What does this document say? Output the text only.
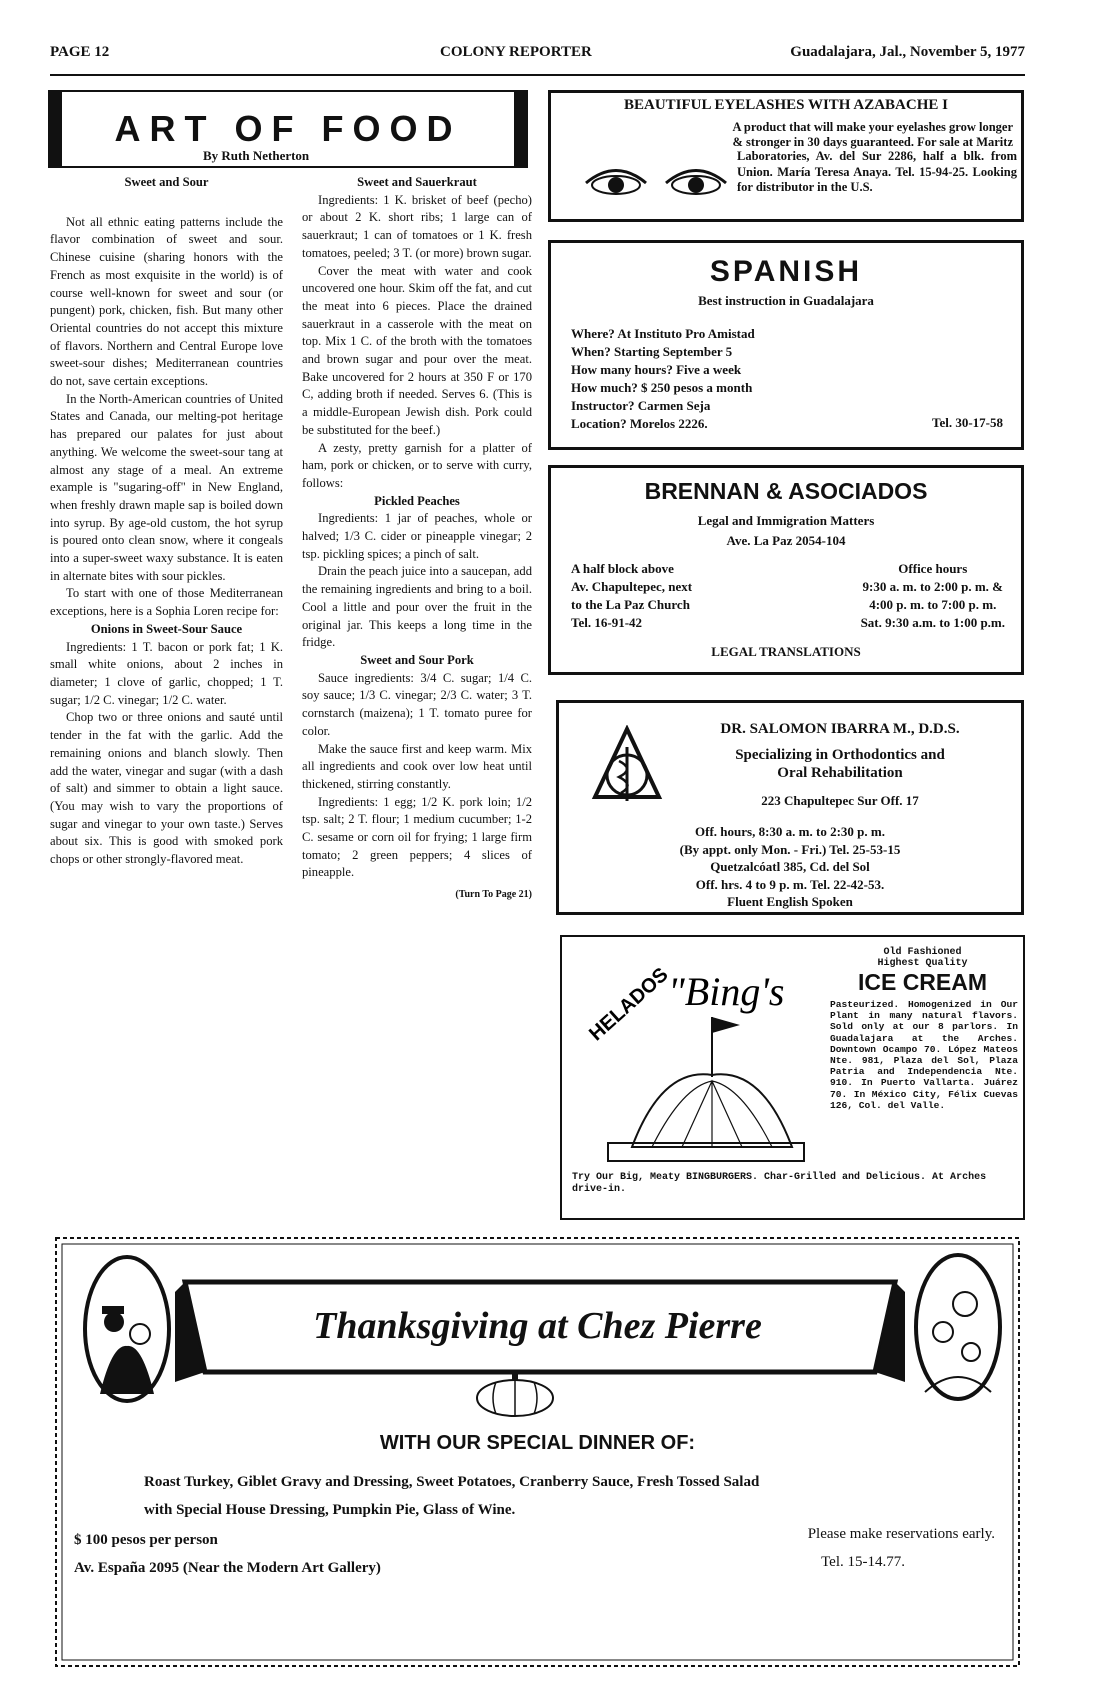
PAGE 12	COLONY REPORTER	Guadalajara, Jal., November 5, 1977
ART OF FOOD
By Ruth Netherton

Sweet and Sour

Not all ethnic eating patterns include the flavor combination of sweet and sour. Chinese cuisine (sharing honors with the French as most exquisite in the world) is of course well-known for sweet and sour (or pungent) pork, chicken, fish. But many other Oriental countries do not accept this mixture of flavors. Northern and Central Europe love sweet-sour dishes; Mediterranean countries do not, save certain exceptions.

In the North-American countries of United States and Canada, our melting-pot heritage has prepared our palates for just about anything. We welcome the sweet-sour tang at almost any stage of a meal. An extreme example is "sugaring-off" in New England, when freshly drawn maple sap is boiled down into syrup. By age-old custom, the hot syrup is poured onto clean snow, where it congeals into a super-sweet waxy substance. It is eaten in alternate bites with sour pickles.

To start with one of those Mediterranean exceptions, here is a Sophia Loren recipe for:

Onions in Sweet-Sour Sauce

Ingredients: 1 T. bacon or pork fat; 1 K. small white onions, about 2 inches in diameter; 1 clove of garlic, chopped; 1 T. sugar; 1/2 C. vinegar; 1/2 C. water.

Chop two or three onions and sauté until tender in the fat with the garlic. Add the remaining onions and blanch slowly. Then add the water, vinegar and sugar (with a dash of salt) and simmer to obtain a light sauce. (You may wish to vary the proportions of sugar and vinegar to your own taste.) Serves about six. This is good with smoked pork chops or other strongly-flavored meat.

Sweet and Sauerkraut

Ingredients: 1 K. brisket of beef (pecho) or about 2 K. short ribs; 1 large can of sauerkraut; 1 can of tomatoes or 1 K. fresh tomatoes, peeled; 3 T. (or more) brown sugar.

Cover the meat with water and cook uncovered one hour. Skim off the fat, and cut the meat into 6 pieces. Place the drained sauerkraut in a casserole with the meat on top. Mix 1 C. of the broth with the tomatoes and brown sugar and pour over the meat. Bake uncovered for 2 hours at 350 F or 170 C, adding broth if needed. Serves 6. (This is a middle-European Jewish dish. Pork could be substituted for the beef.)

A zesty, pretty garnish for a platter of ham, pork or chicken, or to serve with curry, follows:

Pickled Peaches

Ingredients: 1 jar of peaches, whole or halved; 1/3 C. cider or pineapple vinegar; 2 tsp. pickling spices; a pinch of salt.

Drain the peach juice into a saucepan, add the remaining ingredients and bring to a boil. Cool a little and pour over the fruit in the original jar. This keeps a long time in the fridge.

Sweet and Sour Pork

Sauce ingredients: 3/4 C. sugar; 1/4 C. soy sauce; 1/3 C. vinegar; 2/3 C. water; 3 T. cornstarch (maizena); 1 T. tomato puree for color.

Make the sauce first and keep warm. Mix all ingredients and cook over low heat until thickened, stirring constantly.

Ingredients: 1 egg; 1/2 K. pork loin; 1/2 tsp. salt; 2 T. flour; 1 medium cucumber; 1-2 C. sesame or corn oil for frying; 1 large firm tomato; 2 green peppers; 4 slices of pineapple.

(Turn To Page 21)

BEAUTIFUL EYELASHES WITH AZABACHE I
A product that will make your eyelashes grow longer
& stronger in 30 days guaranteed. For sale at Maritz
Laboratories, Av. del Sur 2286, half a blk. from Union. María Teresa Anaya. Tel. 15-94-25. Looking for distributor in the U.S.
SPANISH
Best instruction in Guadalajara
Where? At Instituto Pro Amistad
When? Starting September 5
How many hours? Five a week
How much? $ 250 pesos a month
Instructor? Carmen Seja
Location? Morelos 2226.	Tel. 30-17-58
BRENNAN & ASOCIADOS
Legal and Immigration Matters
Ave. La Paz 2054-104
A half block above
Av. Chapultepec, next
to the La Paz Church
Tel. 16-91-42
Office hours
9:30 a. m. to 2:00 p. m. &
4:00 p. m. to 7:00 p. m.
Sat. 9:30 a.m. to 1:00 p.m.
LEGAL TRANSLATIONS
DR. SALOMON IBARRA M., D.D.S.
Specializing in Orthodontics and
Oral Rehabilitation
223 Chapultepec Sur Off. 17
Off. hours, 8:30 a. m. to 2:30 p. m.
(By appt. only Mon. - Fri.) Tel. 25-53-15
Quetzalcóatl 385, Cd. del Sol
Off. hrs. 4 to 9 p. m. Tel. 22-42-53.
Fluent English Spoken
HELADOS
"Bing's
Old Fashioned
Highest Quality
ICE CREAM
Pasteurized. Homogenized in Our Plant in many natural flavors. Sold only at our 8 parlors. In Guadalajara at the Arches. Downtown Ocampo 70. López Mateos Nte. 981, Plaza del Sol, Plaza Patria and Independencia Nte. 910. In Puerto Vallarta. Juárez 70. In México City, Félix Cuevas 126, Col. del Valle.
Try Our Big, Meaty BINGBURGERS. Char-Grilled and Delicious. At Arches drive-in.
Thanksgiving at Chez Pierre
WITH OUR SPECIAL DINNER OF:
Roast Turkey, Giblet Gravy and Dressing, Sweet Potatoes, Cranberry Sauce, Fresh Tossed Salad
with Special House Dressing, Pumpkin Pie, Glass of Wine.
$ 100 pesos per person
Av. España 2095 (Near the Modern Art Gallery)
Please make reservations early.
Tel. 15-14.77.
